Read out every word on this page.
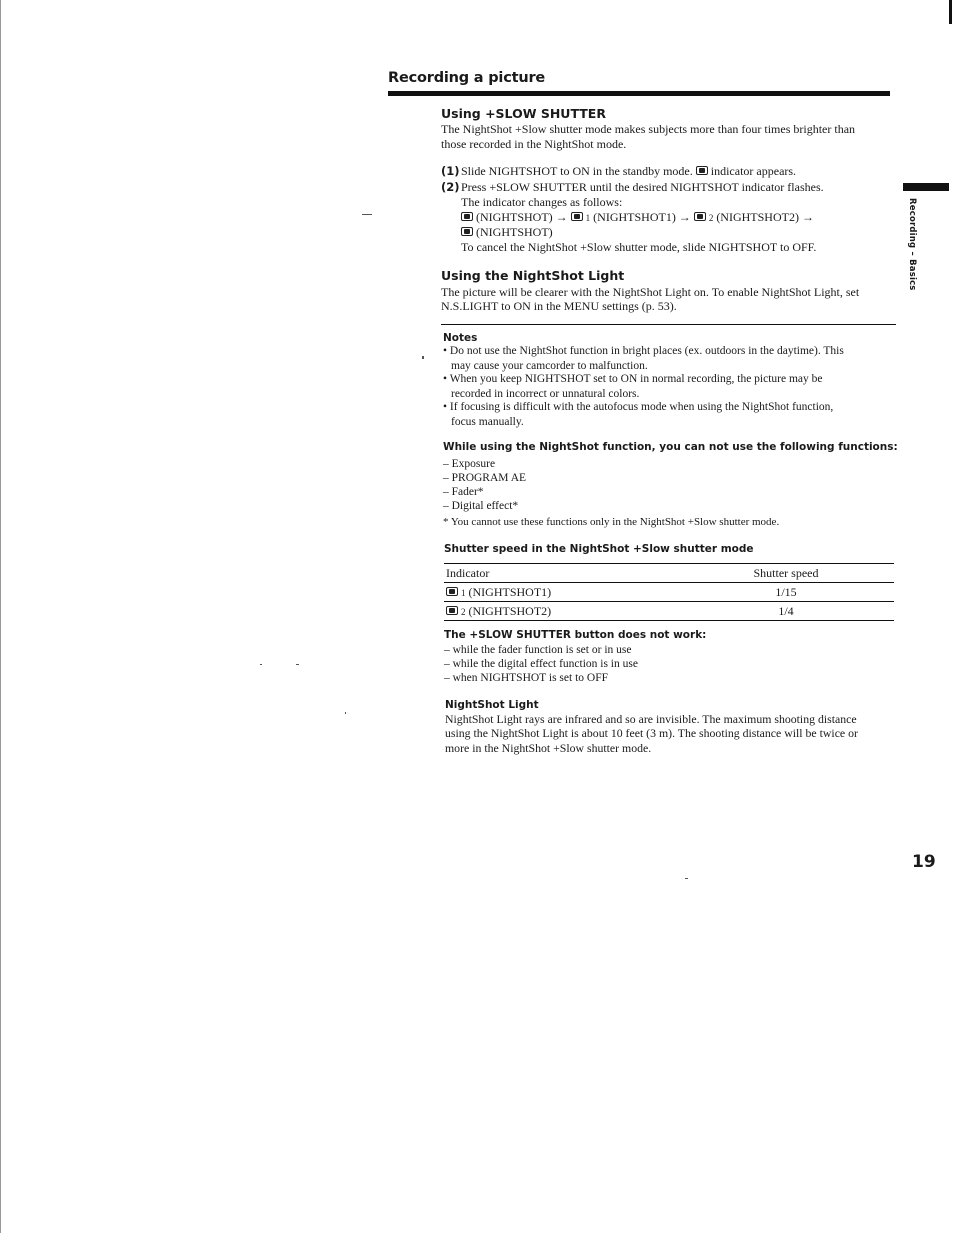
Recording a picture
Recording – Basics
Using +SLOW SHUTTER
The NightShot +Slow shutter mode makes subjects more than four times brighter than
those recorded in the NightShot mode.
(1)Slide NIGHTSHOT to ON in the standby mode. indicator appears.
(2)Press +SLOW SHUTTER until the desired NIGHTSHOT indicator flashes.
The indicator changes as follows:
(NIGHTSHOT) → 1 (NIGHTSHOT1) → 2 (NIGHTSHOT2) →
(NIGHTSHOT)
To cancel the NightShot +Slow shutter mode, slide NIGHTSHOT to OFF.
Using the NightShot Light
The picture will be clearer with the NightShot Light on. To enable NightShot Light, set
N.S.LIGHT to ON in the MENU settings (p. 53).
Notes
• Do not use the NightShot function in bright places (ex. outdoors in the daytime). This
may cause your camcorder to malfunction.
• When you keep NIGHTSHOT set to ON in normal recording, the picture may be
recorded in incorrect or unnatural colors.
• If focusing is difficult with the autofocus mode when using the NightShot function,
focus manually.
While using the NightShot function, you can not use the following functions:
– Exposure
– PROGRAM AE
– Fader*
– Digital effect*
* You cannot use these functions only in the NightShot +Slow shutter mode.
Shutter speed in the NightShot +Slow shutter mode
Indicator	Shutter speed
1 (NIGHTSHOT1)	1/15
2 (NIGHTSHOT2)	1/4
The +SLOW SHUTTER button does not work:
– while the fader function is set or in use
– while the digital effect function is in use
– when NIGHTSHOT is set to OFF
NightShot Light
NightShot Light rays are infrared and so are invisible. The maximum shooting distance
using the NightShot Light is about 10 feet (3 m). The shooting distance will be twice or
more in the NightShot +Slow shutter mode.
19
